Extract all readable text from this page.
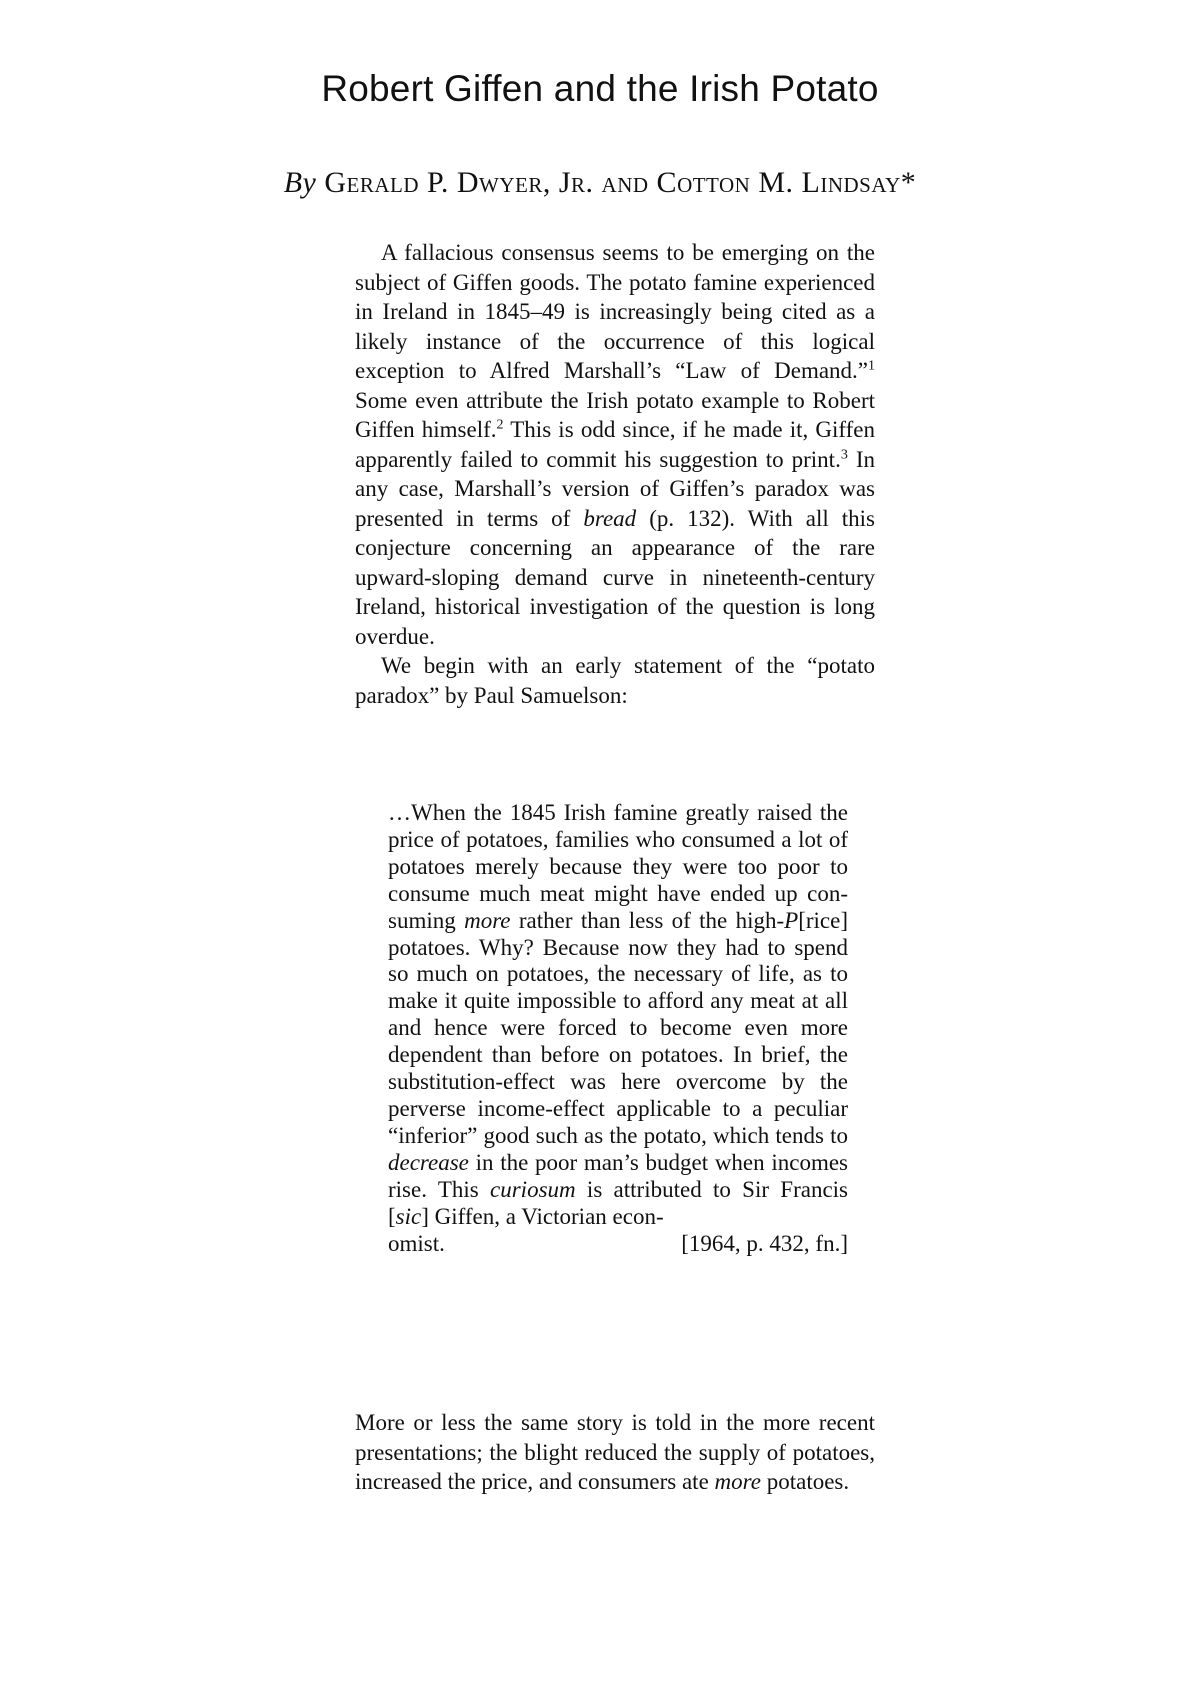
Robert Giffen and the Irish Potato
By Gerald P. Dwyer, Jr. and Cotton M. Lindsay*

A fallacious consensus seems to be emerging on the subject of Giffen goods. The potato famine experienced in Ireland in 1845–49 is increasingly being cited as a likely instance of the occurrence of this logical exception to Alfred Marshall’s “Law of Demand.”$^1$ Some even attribute the Irish potato example to Robert Giffen himself.$^2$ This is odd since, if he made it, Giffen apparently failed to commit his suggestion to print.$^3$ In any case, Marshall’s version of Giffen’s paradox was presented in terms of bread (p. 132). With all this conjecture concerning an appearance of the rare upward-sloping demand curve in nineteenth-century Ireland, historical investigation of the question is long overdue.

We begin with an early statement of the “potato paradox” by Paul Samuelson:

…When the 1845 Irish famine greatly raised the price of potatoes, families who consumed a lot of potatoes merely because they were too poor to consume much meat might have ended up consuming more rather than less of the high-P[rice] potatoes. Why? Because now they had to spend so much on potatoes, the necessary of life, as to make it quite impossible to afford any meat at all and hence were forced to become even more dependent than before on potatoes. In brief, the substitution-effect was here overcome by the perverse income-effect applicable to a peculiar “inferior” good such as the potato, which tends to decrease in the poor man’s budget when incomes rise. This curiosum is attributed to Sir Francis [sic] Giffen, a Victorian econ-

omist.	[1964, p. 432, fn.]

More or less the same story is told in the more recent presentations; the blight reduced the supply of potatoes, increased the price, and consumers ate more potatoes.
